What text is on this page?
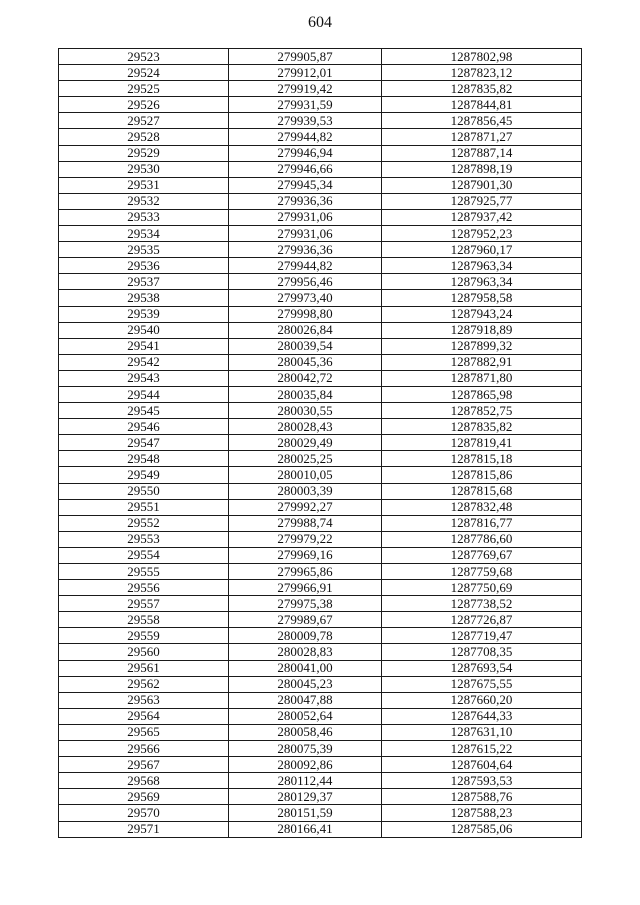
604
29523	279905,87	1287802,98
29524	279912,01	1287823,12
29525	279919,42	1287835,82
29526	279931,59	1287844,81
29527	279939,53	1287856,45
29528	279944,82	1287871,27
29529	279946,94	1287887,14
29530	279946,66	1287898,19
29531	279945,34	1287901,30
29532	279936,36	1287925,77
29533	279931,06	1287937,42
29534	279931,06	1287952,23
29535	279936,36	1287960,17
29536	279944,82	1287963,34
29537	279956,46	1287963,34
29538	279973,40	1287958,58
29539	279998,80	1287943,24
29540	280026,84	1287918,89
29541	280039,54	1287899,32
29542	280045,36	1287882,91
29543	280042,72	1287871,80
29544	280035,84	1287865,98
29545	280030,55	1287852,75
29546	280028,43	1287835,82
29547	280029,49	1287819,41
29548	280025,25	1287815,18
29549	280010,05	1287815,86
29550	280003,39	1287815,68
29551	279992,27	1287832,48
29552	279988,74	1287816,77
29553	279979,22	1287786,60
29554	279969,16	1287769,67
29555	279965,86	1287759,68
29556	279966,91	1287750,69
29557	279975,38	1287738,52
29558	279989,67	1287726,87
29559	280009,78	1287719,47
29560	280028,83	1287708,35
29561	280041,00	1287693,54
29562	280045,23	1287675,55
29563	280047,88	1287660,20
29564	280052,64	1287644,33
29565	280058,46	1287631,10
29566	280075,39	1287615,22
29567	280092,86	1287604,64
29568	280112,44	1287593,53
29569	280129,37	1287588,76
29570	280151,59	1287588,23
29571	280166,41	1287585,06
